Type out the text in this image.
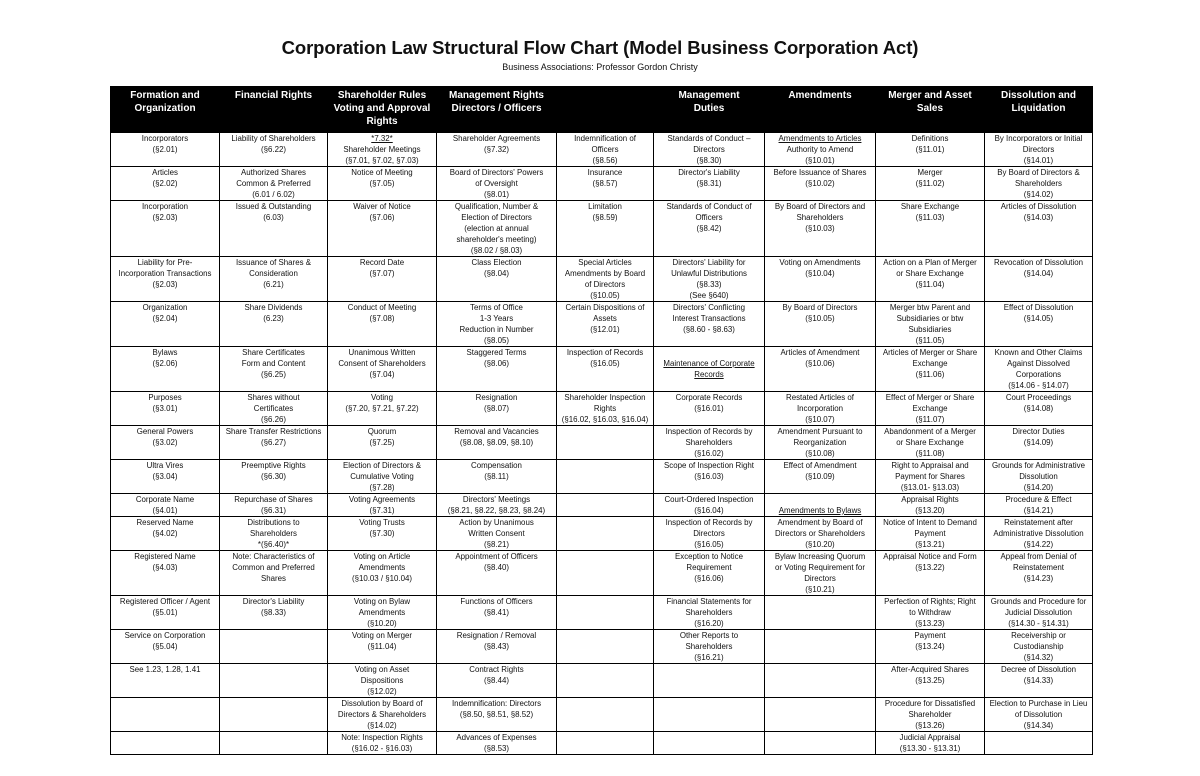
Corporation Law Structural Flow Chart (Model Business Corporation Act)
Business Associations: Professor Gordon Christy
Formation and
Organization	Financial Rights	Shareholder Rules
Voting and Approval
Rights	Management Rights
Directors / Officers		Management
Duties	Amendments	Merger and Asset
Sales	Dissolution and
Liquidation

Incorporators
(§2.01)	Liability of Shareholders
(§6.22)	*7.32*
Shareholder Meetings
(§7.01, §7.02, §7.03)	Shareholder Agreements
(§7.32)	Indemnification of
Officers
(§8.56)	Standards of Conduct –
Directors
(§8.30)	Amendments to Articles
Authority to Amend
(§10.01)	Definitions
(§11.01)	By Incorporators or Initial
Directors
(§14.01)

Articles
(§2.02)	Authorized Shares
Common & Preferred
(6.01 / 6.02)	Notice of Meeting
(§7.05)	Board of Directors' Powers
of Oversight
(§8.01)	Insurance
(§8.57)	Director's Liability
(§8.31)	Before Issuance of Shares
(§10.02)	Merger
(§11.02)	By Board of Directors &
Shareholders
(§14.02)

Incorporation
(§2.03)	Issued & Outstanding
(6.03)	Waiver of Notice
(§7.06)	Qualification, Number &
Election of Directors
(election at annual
shareholder's meeting)
(§8.02 / §8.03)	Limitation
(§8.59)	Standards of Conduct of
Officers
(§8.42)	By Board of Directors and
Shareholders
(§10.03)	Share Exchange
(§11.03)	Articles of Dissolution
(§14.03)

Liability for Pre-
Incorporation Transactions
(§2.03)	Issuance of Shares &
Consideration
(6.21)	Record Date
(§7.07)	Class Election
(§8.04)	Special Articles
Amendments by Board
of Directors
(§10.05)	Directors' Liability for
Unlawful Distributions
(§8.33)
(See §640)	Voting on Amendments
(§10.04)	Action on a Plan of Merger
or Share Exchange
(§11.04)	Revocation of Dissolution
(§14.04)

Organization
(§2.04)	Share Dividends
(6.23)	Conduct of Meeting
(§7.08)	Terms of Office
1-3 Years
Reduction in Number
(§8.05)	Certain Dispositions of
Assets
(§12.01)	Directors' Conflicting
Interest Transactions
(§8.60 - §8.63)	By Board of Directors
(§10.05)	Merger btw Parent and
Subsidiaries or btw
Subsidiaries
(§11.05)	Effect of Dissolution
(§14.05)

Bylaws
(§2.06)	Share Certificates
Form and Content
(§6.25)	Unanimous Written
Consent of Shareholders
(§7.04)	Staggered Terms
(§8.06)	Inspection of Records
(§16.05)	Maintenance of Corporate
Records	Articles of Amendment
(§10.06)	Articles of Merger or Share
Exchange
(§11.06)	Known and Other Claims
Against Dissolved
Corporations
(§14.06 - §14.07)

Purposes
(§3.01)	Shares without
Certificates
(§6.26)	Voting
(§7.20, §7.21, §7.22)	Resignation
(§8.07)	Shareholder Inspection
Rights
(§16.02, §16.03, §16.04)	Corporate Records
(§16.01)	Restated Articles of
Incorporation
(§10.07)	Effect of Merger or Share
Exchange
(§11.07)	Court Proceedings
(§14.08)

General Powers
(§3.02)	Share Transfer Restrictions
(§6.27)	Quorum
(§7.25)	Removal and Vacancies
(§8.08, §8.09, §8.10)		Inspection of Records by
Shareholders
(§16.02)	Amendment Pursuant to
Reorganization
(§10.08)	Abandonment of a Merger
or Share Exchange
(§11.08)	Director Duties
(§14.09)

Ultra Vires
(§3.04)	Preemptive Rights
(§6.30)	Election of Directors &
Cumulative Voting
(§7.28)	Compensation
(§8.11)		Scope of Inspection Right
(§16.03)	Effect of Amendment
(§10.09)	Right to Appraisal and
Payment for Shares
(§13.01- §13.03)	Grounds for Administrative
Dissolution
(§14.20)

Corporate Name
(§4.01)	Repurchase of Shares
(§6.31)	Voting Agreements
(§7.31)	Directors' Meetings
(§8.21, §8.22, §8.23, §8.24)		Court-Ordered Inspection
(§16.04)	Amendments to Bylaws	Appraisal Rights
(§13.20)	Procedure & Effect
(§14.21)

Reserved Name
(§4.02)	Distributions to
Shareholders
*(§6.40)*	Voting Trusts
(§7.30)	Action by Unanimous
Written Consent
(§8.21)		Inspection of Records by
Directors
(§16.05)	Amendment by Board of
Directors or Shareholders
(§10.20)	Notice of Intent to Demand
Payment
(§13.21)	Reinstatement after
Administrative Dissolution
(§14.22)

Registered Name
(§4.03)	Note: Characteristics of
Common and Preferred
Shares	Voting on Article
Amendments
(§10.03 / §10.04)	Appointment of Officers
(§8.40)		Exception to Notice
Requirement
(§16.06)	Bylaw Increasing Quorum
or Voting Requirement for
Directors
(§10.21)	Appraisal Notice and Form
(§13.22)	Appeal from Denial of
Reinstatement
(§14.23)

Registered Officer / Agent
(§5.01)	Director's Liability
(§8.33)	Voting on Bylaw
Amendments
(§10.20)	Functions of Officers
(§8.41)		Financial Statements for
Shareholders
(§16.20)		Perfection of Rights; Right
to Withdraw
(§13.23)	Grounds and Procedure for
Judicial Dissolution
(§14.30 - §14.31)

Service on Corporation
(§5.04)		Voting on Merger
(§11.04)	Resignation / Removal
(§8.43)		Other Reports to
Shareholders
(§16.21)		Payment
(§13.24)	Receivership or
Custodianship
(§14.32)

See 1.23, 1.28, 1.41		Voting on Asset
Dispositions
(§12.02)	Contract Rights
(§8.44)				After-Acquired Shares
(§13.25)	Decree of Dissolution
(§14.33)

		Dissolution by Board of
Directors & Shareholders
(§14.02)	Indemnification: Directors
(§8.50, §8.51, §8.52)				Procedure for Dissatisfied
Shareholder
(§13.26)	Election to Purchase in Lieu
of Dissolution
(§14.34)

		Note: Inspection Rights
(§16.02 - §16.03)	Advances of Expenses
(§8.53)				Judicial Appraisal
(§13.30 - §13.31)	
